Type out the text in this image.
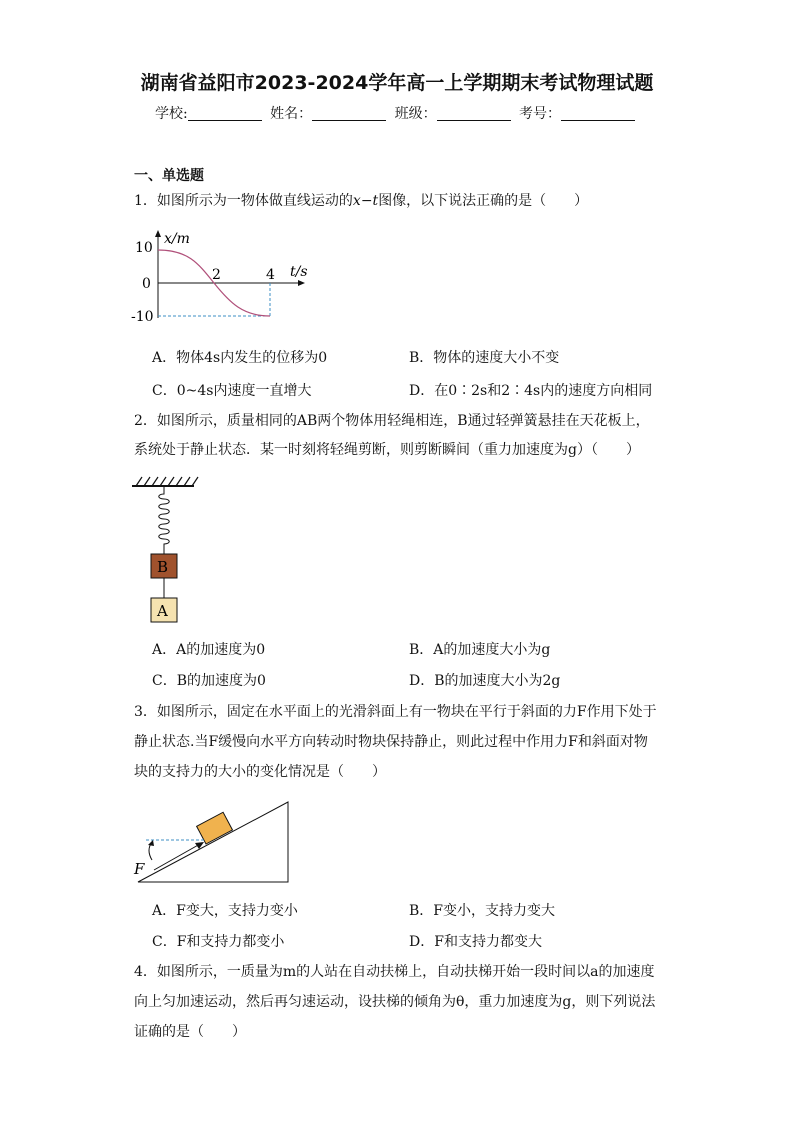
湖南省益阳市2023-2024学年高一上学期期末考试物理试题
学校:	姓名：	班级：	考号：
一、单选题
1．如图所示为一物体做直线运动的x−t图像，以下说法正确的是（　　）
x/m
10
0
-10
2	4 t/s
A．物体4s内发生的位移为0	B．物体的速度大小不变
C．0~4s内速度一直增大	D．在0∶2s和2∶4s内的速度方向相同
2．如图所示，质量相同的AB两个物体用轻绳相连，B通过轻弹簧悬挂在天花板上，
系统处于静止状态．某一时刻将轻绳剪断，则剪断瞬间（重力加速度为g）（　　）
B
A
A．A的加速度为0	B．A的加速度大小为g
C．B的加速度为0	D．B的加速度大小为2g
3．如图所示，固定在水平面上的光滑斜面上有一物块在平行于斜面的力F作用下处于
静止状态.当F缓慢向水平方向转动时物块保持静止，则此过程中作用力F和斜面对物
块的支持力的大小的变化情况是（　　）
F
A．F变大，支持力变小	B．F变小，支持力变大
C．F和支持力都变小	D．F和支持力都变大
4．如图所示，一质量为m的人站在自动扶梯上，自动扶梯开始一段时间以a的加速度
向上匀加速运动，然后再匀速运动，设扶梯的倾角为θ，重力加速度为g，则下列说法
证确的是（　　）
